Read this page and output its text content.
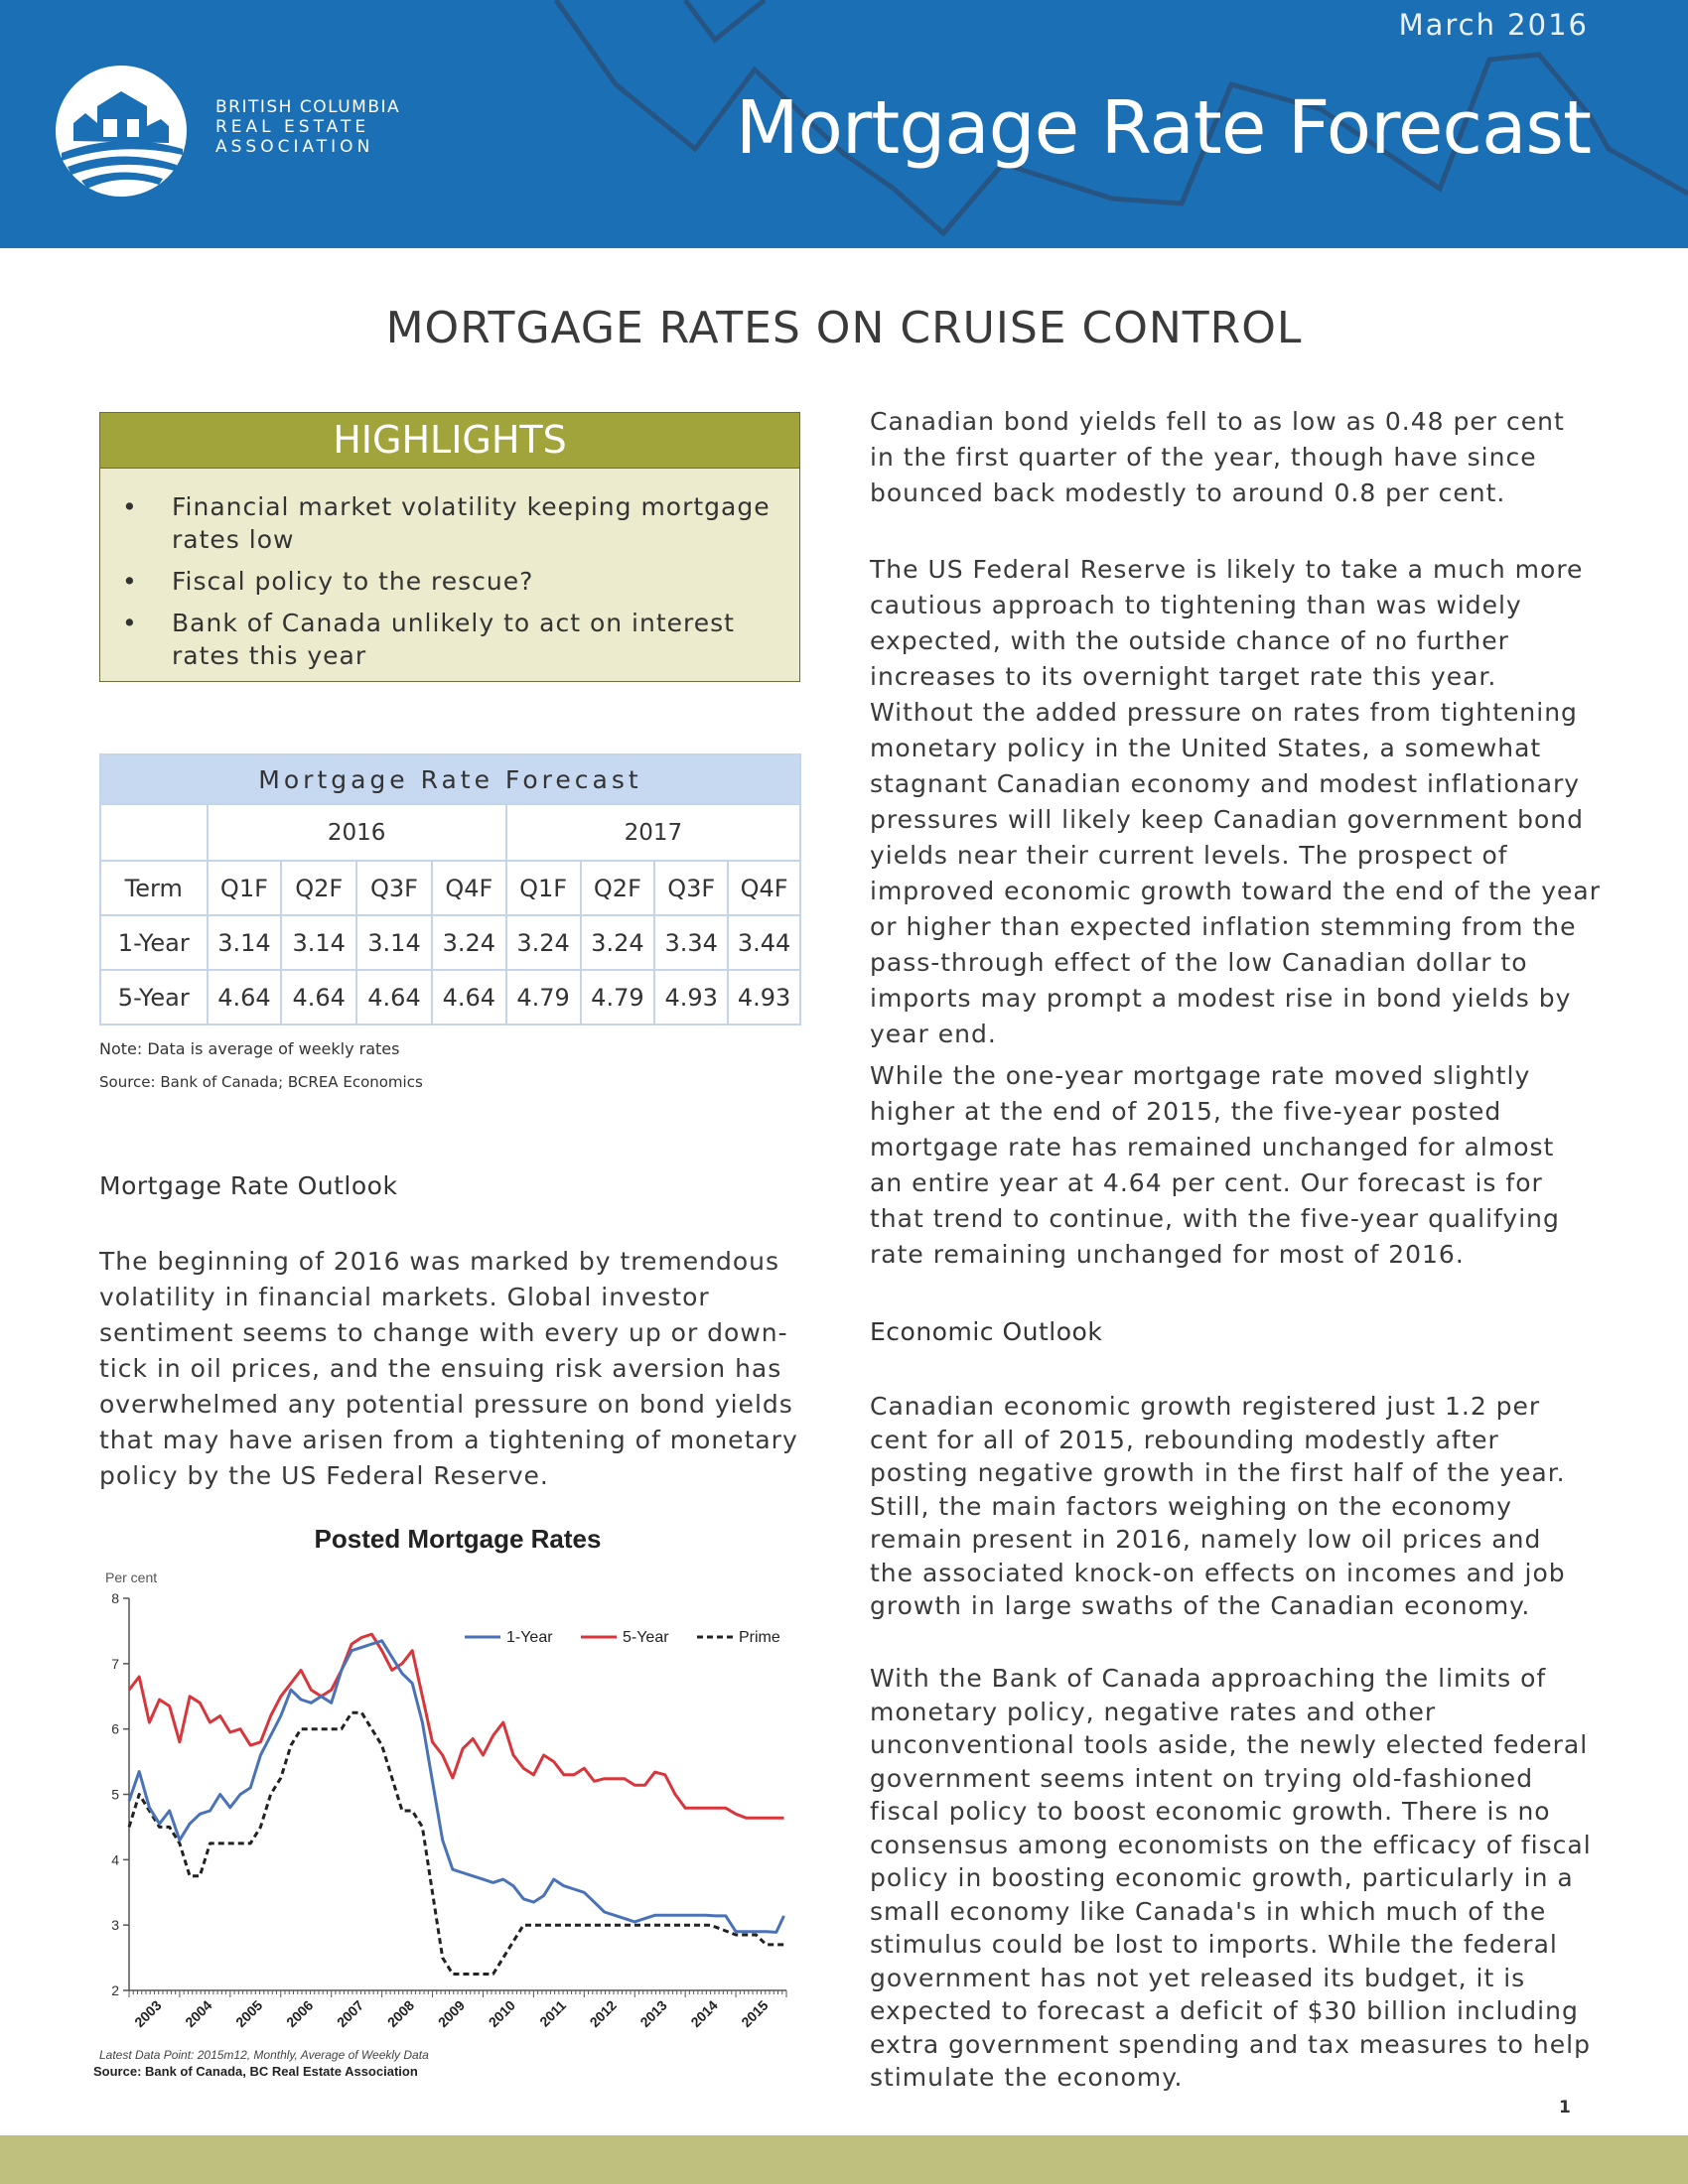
BRITISH COLUMBIA
REAL ESTATE
ASSOCIATION
March 2016
Mortgage Rate Forecast
MORTGAGE RATES ON CRUISE CONTROL
HIGHLIGHTS
• Financial market volatility keeping mortgage rates low
• Fiscal policy to the rescue?
• Bank of Canada unlikely to act on interest rates this year
Mortgage Rate Forecast								
	2016				2017			
Term	Q1F	Q2F	Q3F	Q4F	Q1F	Q2F	Q3F	Q4F
1-Year	3.14	3.14	3.14	3.24	3.24	3.24	3.34	3.44
5-Year	4.64	4.64	4.64	4.64	4.79	4.79	4.93	4.93
Note: Data is average of weekly rates
Source: Bank of Canada; BCREA Economics
Mortgage Rate Outlook

The beginning of 2016 was marked by tremendous volatility in financial markets. Global investor sentiment seems to change with every up or down-tick in oil prices, and the ensuing risk aversion has overwhelmed any potential pressure on bond yields that may have arisen from a tightening of monetary policy by the US Federal Reserve.

Posted Mortgage Rates
Per cent
2
3
4
5
6
7
8
2003 2004 2005 2006 2007 2008 2009 2010 2011 2012 2013 2014 2015
1-Year	5-Year	Prime
Latest Data Point: 2015m12, Monthly, Average of Weekly Data
Source: Bank of Canada, BC Real Estate Association

Canadian bond yields fell to as low as 0.48 per cent in the first quarter of the year, though have since bounced back modestly to around 0.8 per cent.

The US Federal Reserve is likely to take a much more cautious approach to tightening than was widely expected, with the outside chance of no further increases to its overnight target rate this year. Without the added pressure on rates from tightening monetary policy in the United States, a somewhat stagnant Canadian economy and modest inflationary pressures will likely keep Canadian government bond yields near their current levels. The prospect of improved economic growth toward the end of the year or higher than expected inflation stemming from the pass-through effect of the low Canadian dollar to imports may prompt a modest rise in bond yields by year end.

While the one-year mortgage rate moved slightly higher at the end of 2015, the five-year posted mortgage rate has remained unchanged for almost an entire year at 4.64 per cent. Our forecast is for that trend to continue, with the five-year qualifying rate remaining unchanged for most of 2016.

Economic Outlook

Canadian economic growth registered just 1.2 per cent for all of 2015, rebounding modestly after posting negative growth in the first half of the year. Still, the main factors weighing on the economy remain present in 2016, namely low oil prices and the associated knock-on effects on incomes and job growth in large swaths of the Canadian economy.

With the Bank of Canada approaching the limits of monetary policy, negative rates and other unconventional tools aside, the newly elected federal government seems intent on trying old-fashioned fiscal policy to boost economic growth. There is no consensus among economists on the efficacy of fiscal policy in boosting economic growth, particularly in a small economy like Canada's in which much of the stimulus could be lost to imports. While the federal government has not yet released its budget, it is expected to forecast a deficit of $30 billion including extra government spending and tax measures to help stimulate the economy.

1
